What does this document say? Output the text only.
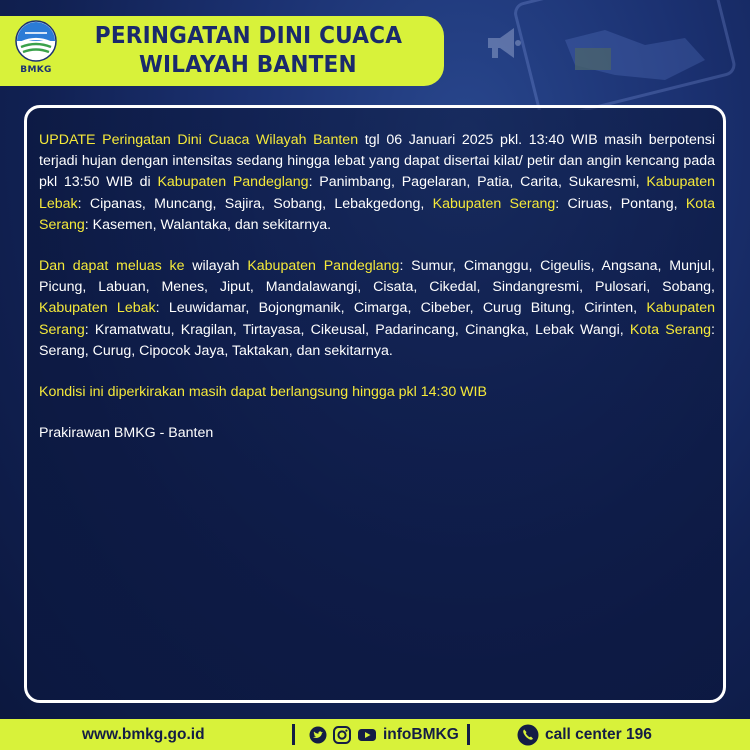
BMKG
PERINGATAN DINI CUACA
WILAYAH BANTEN

UPDATE Peringatan Dini Cuaca Wilayah Banten tgl 06 Januari 2025 pkl. 13:40 WIB masih berpotensi terjadi hujan dengan intensitas sedang hingga lebat yang dapat disertai kilat/ petir dan angin kencang pada pkl 13:50 WIB di Kabupaten Pandeglang: Panimbang, Pagelaran, Patia, Carita, Sukaresmi, Kabupaten Lebak: Cipanas, Muncang, Sajira, Sobang, Lebakgedong, Kabupaten Serang: Ciruas, Pontang, Kota Serang: Kasemen, Walantaka, dan sekitarnya.

Dan dapat meluas ke wilayah Kabupaten Pandeglang: Sumur, Cimanggu, Cigeulis, Angsana, Munjul, Picung, Labuan, Menes, Jiput, Mandalawangi, Cisata, Cikedal, Sindangresmi, Pulosari, Sobang, Kabupaten Lebak: Leuwidamar, Bojongmanik, Cimarga, Cibeber, Curug Bitung, Cirinten, Kabupaten Serang: Kramatwatu, Kragilan, Tirtayasa, Cikeusal, Padarincang, Cinangka, Lebak Wangi, Kota Serang: Serang, Curug, Cipocok Jaya, Taktakan, dan sekitarnya.

Kondisi ini diperkirakan masih dapat berlangsung hingga pkl 14:30 WIB

Prakirawan BMKG - Banten

www.bmkg.go.id	infoBMKG	call center 196
